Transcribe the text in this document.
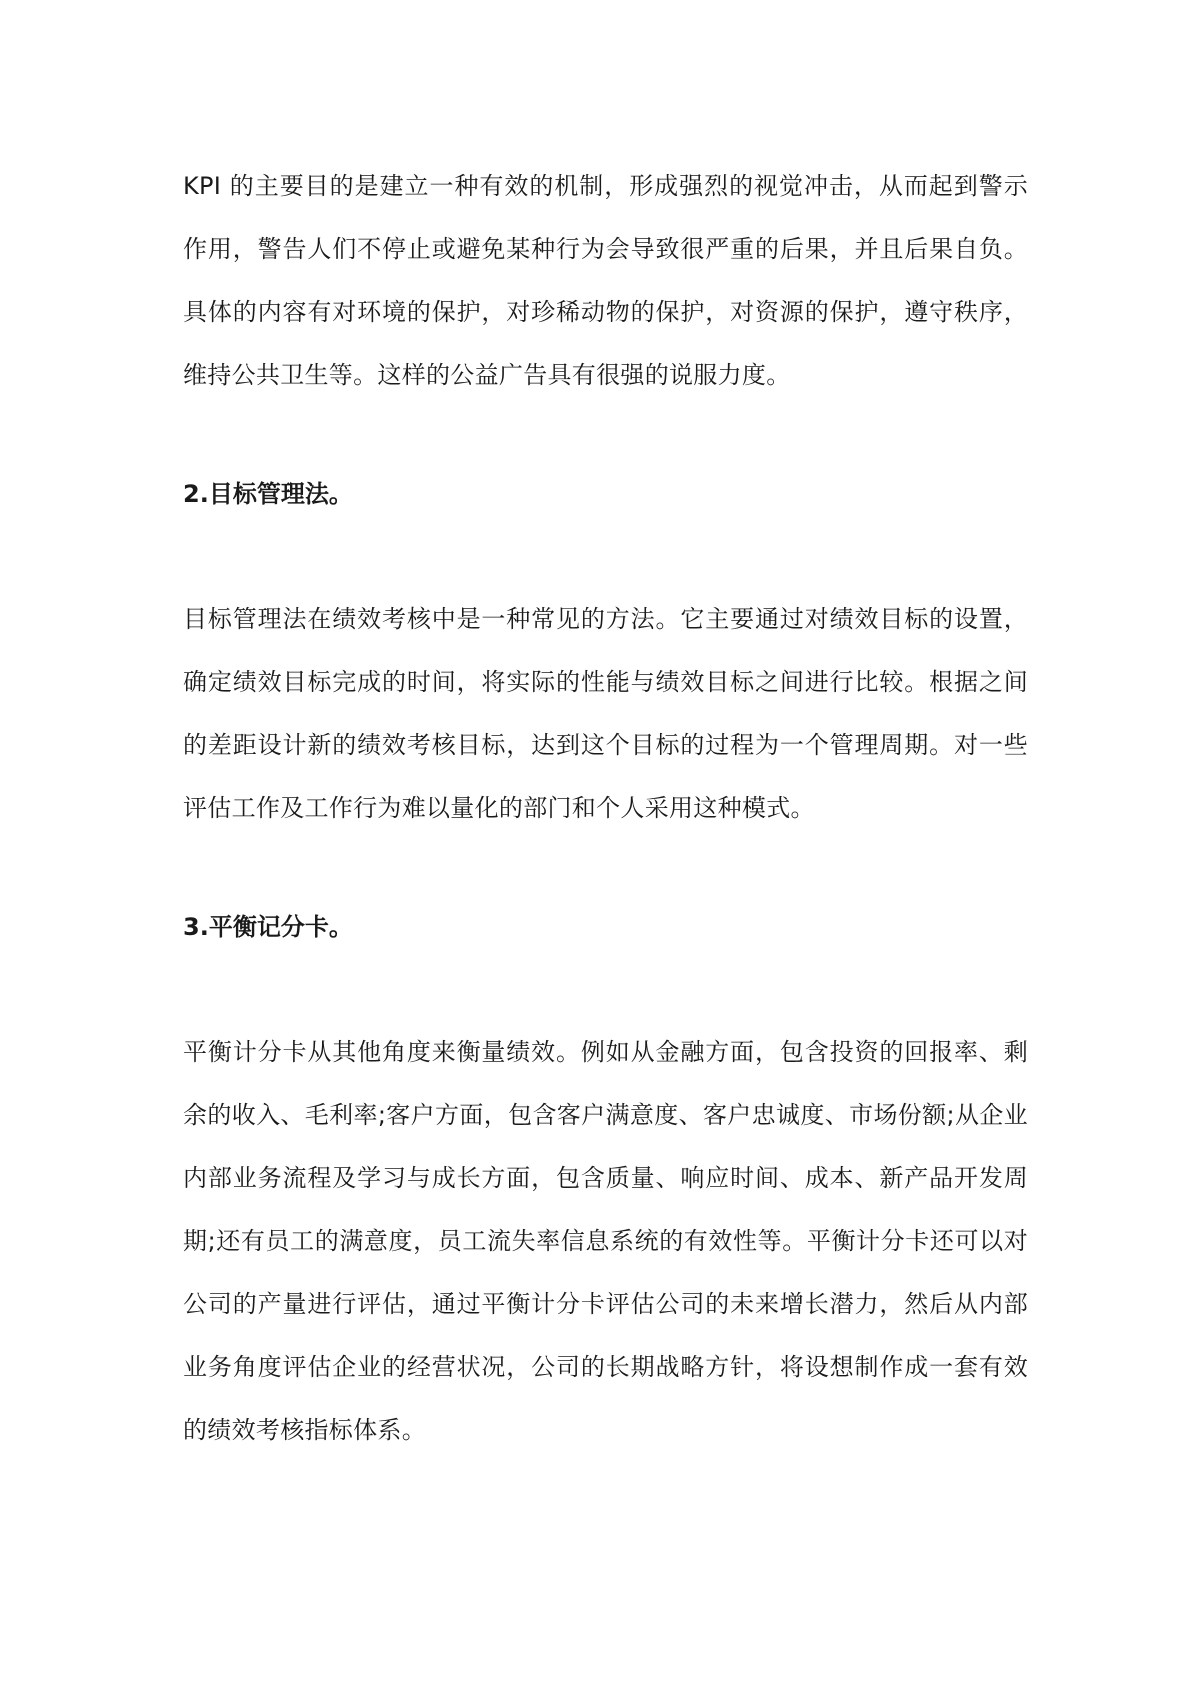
KPI 的主要目的是建立一种有效的机制，形成强烈的视觉冲击，从而起到警示作用，警告人们不停止或避免某种行为会导致很严重的后果，并且后果自负。具体的内容有对环境的保护，对珍稀动物的保护，对资源的保护，遵守秩序，维持公共卫生等。这样的公益广告具有很强的说服力度。

2.目标管理法。

目标管理法在绩效考核中是一种常见的方法。它主要通过对绩效目标的设置，确定绩效目标完成的时间，将实际的性能与绩效目标之间进行比较。根据之间的差距设计新的绩效考核目标，达到这个目标的过程为一个管理周期。对一些评估工作及工作行为难以量化的部门和个人采用这种模式。

3.平衡记分卡。

平衡计分卡从其他角度来衡量绩效。例如从金融方面，包含投资的回报率、剩余的收入、毛利率;客户方面，包含客户满意度、客户忠诚度、市场份额;从企业内部业务流程及学习与成长方面，包含质量、响应时间、成本、新产品开发周期;还有员工的满意度，员工流失率信息系统的有效性等。平衡计分卡还可以对公司的产量进行评估，通过平衡计分卡评估公司的未来增长潜力，然后从内部业务角度评估企业的经营状况，公司的长期战略方针，将设想制作成一套有效的绩效考核指标体系。
